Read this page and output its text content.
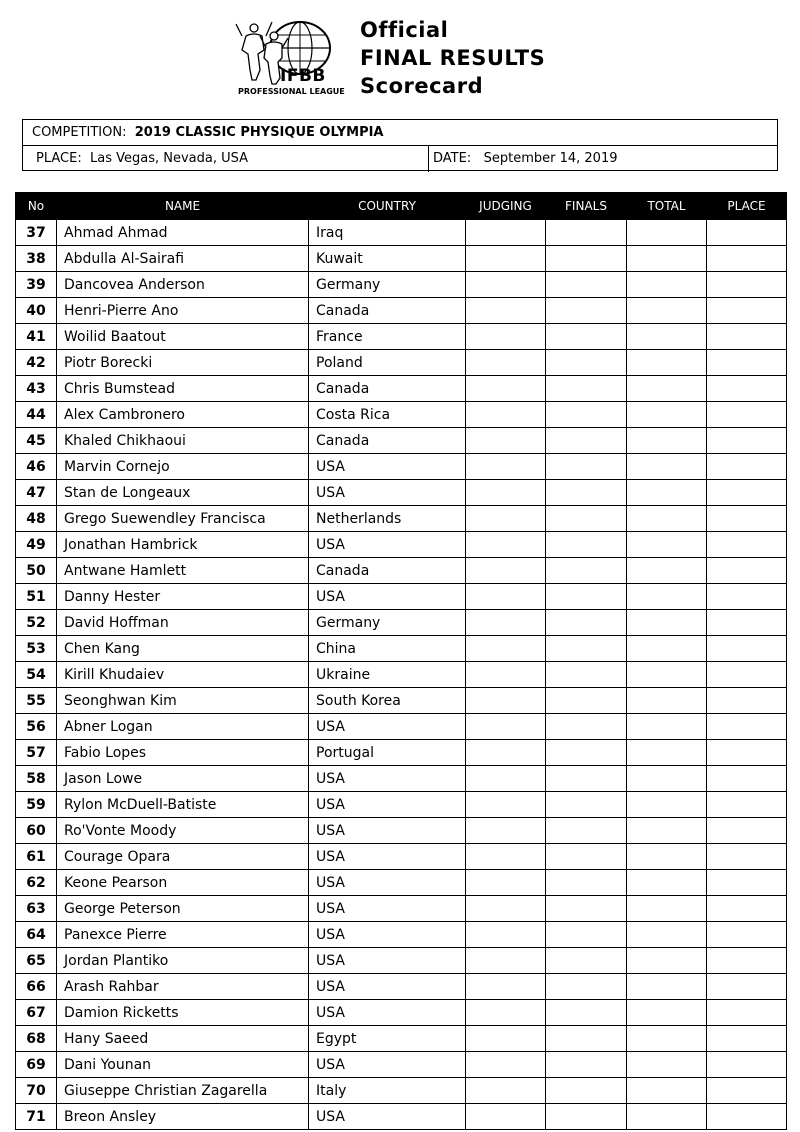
IFBB
PROFESSIONAL LEAGUE
Official
FINAL RESULTS
Scorecard
COMPETITION: 2019 CLASSIC PHYSIQUE OLYMPIA
PLACE: Las Vegas, Nevada, USA	DATE: September 14, 2019
No	NAME	COUNTRY	JUDGING	FINALS	TOTAL	PLACE
37	Ahmad Ahmad	Iraq				
38	Abdulla Al-Sairafi	Kuwait				
39	Dancovea Anderson	Germany				
40	Henri-Pierre Ano	Canada				
41	Woilid Baatout	France				
42	Piotr Borecki	Poland				
43	Chris Bumstead	Canada				
44	Alex Cambronero	Costa Rica				
45	Khaled Chikhaoui	Canada				
46	Marvin Cornejo	USA				
47	Stan de Longeaux	USA				
48	Grego Suewendley Francisca	Netherlands				
49	Jonathan Hambrick	USA				
50	Antwane Hamlett	Canada				
51	Danny Hester	USA				
52	David Hoffman	Germany				
53	Chen Kang	China				
54	Kirill Khudaiev	Ukraine				
55	Seonghwan Kim	South Korea				
56	Abner Logan	USA				
57	Fabio Lopes	Portugal				
58	Jason Lowe	USA				
59	Rylon McDuell-Batiste	USA				
60	Ro'Vonte Moody	USA				
61	Courage Opara	USA				
62	Keone Pearson	USA				
63	George Peterson	USA				
64	Panexce Pierre	USA				
65	Jordan Plantiko	USA				
66	Arash Rahbar	USA				
67	Damion Ricketts	USA				
68	Hany Saeed	Egypt				
69	Dani Younan	USA				
70	Giuseppe Christian Zagarella	Italy				
71	Breon Ansley	USA				
